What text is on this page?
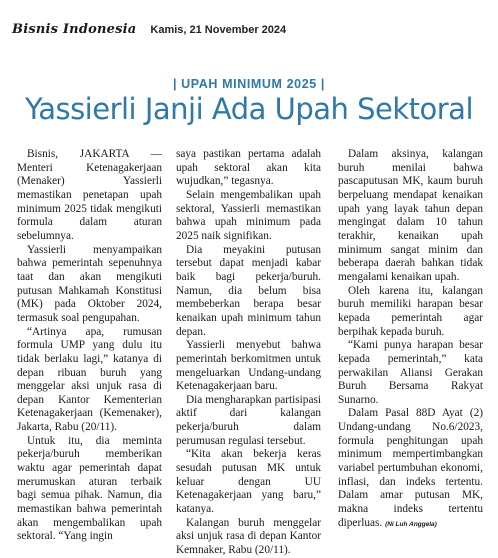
Bisnis Indonesia Kamis, 21 November 2024
| UPAH MINIMUM 2025 |
Yassierli Janji Ada Upah Sektoral

Bisnis, JAKARTA — Menteri Ketenagakerjaan (Menaker) Yassierli memastikan penetapan upah minimum 2025 tidak mengikuti formula dalam aturan sebelumnya.

Yassierli menyampaikan bahwa pemerintah sepenuhnya taat dan akan mengikuti putusan Mahkamah Konstitusi (MK) pada Oktober 2024, termasuk soal pengupahan.

“Artinya apa, rumusan formula UMP yang dulu itu tidak berlaku lagi,” katanya di depan ribuan buruh yang menggelar aksi unjuk rasa di depan Kantor Kementerian Ketenagakerjaan (Kemenaker), Jakarta, Rabu (20/11).

Untuk itu, dia meminta pekerja/buruh memberikan waktu agar pemerintah dapat merumuskan aturan terbaik bagi semua pihak. Namun, dia memastikan bahwa pemerintah akan mengembalikan upah sektoral. “Yang ingin

saya pastikan pertama adalah upah sektoral akan kita wujudkan,” tegasnya.

Selain mengembalikan upah sektoral, Yassierli memastikan bahwa upah minimum pada 2025 naik signifikan.

Dia meyakini putusan tersebut dapat menjadi kabar baik bagi pekerja/buruh. Namun, dia belum bisa membeberkan berapa besar kenaikan upah minimum tahun depan.

Yassierli menyebut bahwa pemerintah berkomitmen untuk mengeluarkan Undang-undang Ketenagakerjaan baru.

Dia mengharapkan partisipasi aktif dari kalangan pekerja/buruh dalam perumusan regulasi tersebut.

“Kita akan bekerja keras sesudah putusan MK untuk keluar dengan UU Ketenagakerjaan yang baru,” katanya.

Kalangan buruh menggelar aksi unjuk rasa di depan Kantor Kemnaker, Rabu (20/11).

Dalam aksinya, kalangan buruh menilai bahwa pascaputusan MK, kaum buruh berpeluang mendapat kenaikan upah yang layak tahun depan mengingat dalam 10 tahun terakhir, kenaikan upah minimum sangat minim dan beberapa daerah bahkan tidak mengalami kenaikan upah.

Oleh karena itu, kalangan buruh memiliki harapan besar kepada pemerintah agar berpihak kepada buruh.

“Kami punya harapan besar kepada pemerintah,” kata perwakilan Aliansi Gerakan Buruh Bersama Rakyat Sunarno.

Dalam Pasal 88D Ayat (2) Undang-undang No.6/2023, formula penghitungan upah minimum mempertimbangkan variabel pertumbuhan ekonomi, inflasi, dan indeks tertentu. Dalam amar putusan MK, makna indeks tertentu diperluas. (Ni Luh Anggela)
